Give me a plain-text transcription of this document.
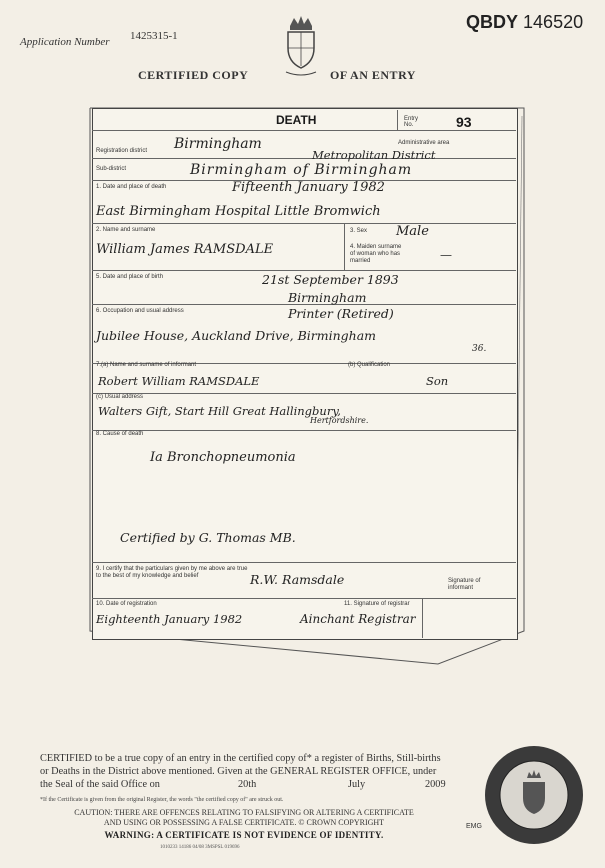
Application Number 1425315-1
QBDY 146520
CERTIFIED COPY	OF AN ENTRY
DEATH	Entry No.	93
Registration district Birmingham	Administrative area
Metropolitan District
Sub-district	Birmingham of Birmingham
1. Date and place of death	Fifteenth January 1982
East Birmingham Hospital Little Bromwich
2. Name and surname
William James RAMSDALE
3. Sex Male
4. Maiden surname of woman who has married	—
5. Date and place of birth	21st September 1893
Birmingham
6. Occupation and usual address	Printer (Retired)
Jubilee House, Auckland Drive, Birmingham
36.
7.(a) Name and surname of informant	(b) Qualification
Robert William RAMSDALE	Son
(c) Usual address
Walters Gift, Start Hill Great Hallingbury,
Hertfordshire.
8. Cause of death
Ia Bronchopneumonia
Certified by G. Thomas MB.
9. I certify that the particulars given by me above are true to the best of my knowledge and belief	R.W. Ramsdale	Signature of informant
10. Date of registration
Eighteenth January 1982
11. Signature of registrar
Ainchant Registrar
CERTIFIED to be a true copy of an entry in the certified copy of* a register of Births, Still-births
or Deaths in the District above mentioned. Given at the GENERAL REGISTER OFFICE, under
the Seal of the said Office on	20th	July	2009
*If the Certificate is given from the original Register, the words "the certified copy of" are struck out.
CAUTION: THERE ARE OFFENCES RELATING TO FALSIFYING OR ALTERING A CERTIFICATE
AND USING OR POSSESSING A FALSE CERTIFICATE. © CROWN COPYRIGHT
WARNING: A CERTIFICATE IS NOT EVIDENCE OF IDENTITY.
1010233 14186 04/08 3MSPSL 019696
EMG
